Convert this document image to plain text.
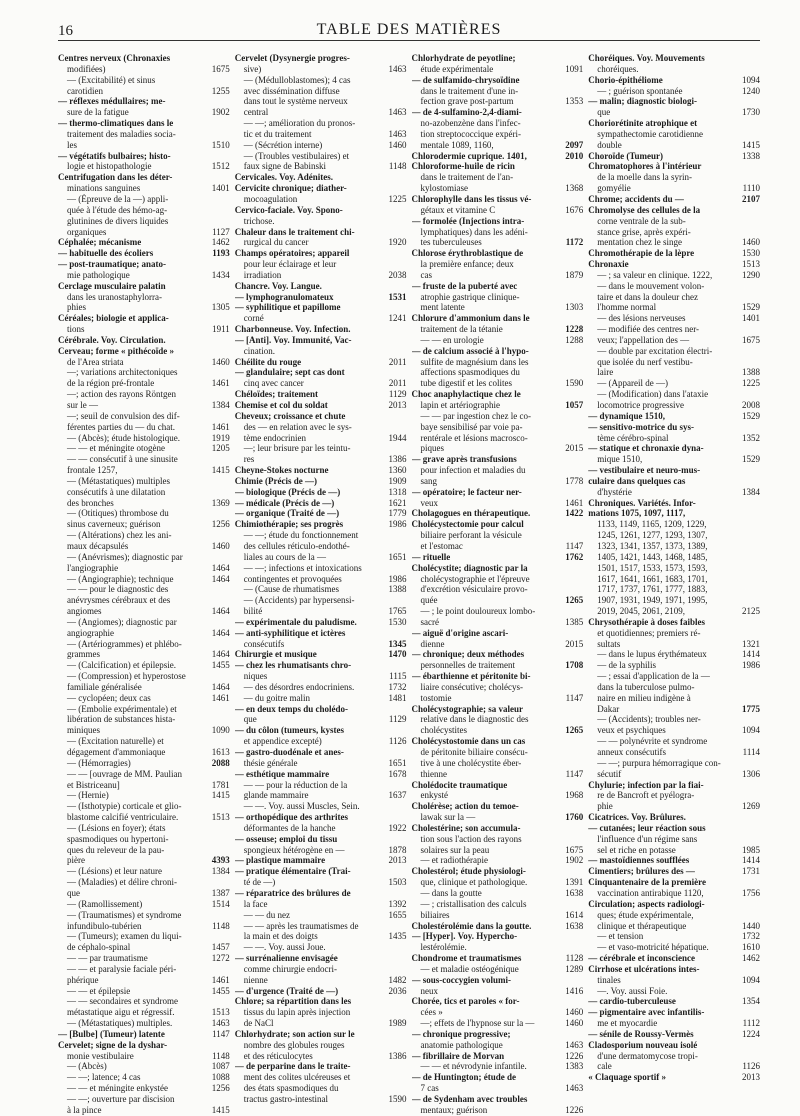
16	TABLE DES MATIÈRES
Centres nerveux (Chronaxies
modifiées)	1675
— (Excitabilité) et sinus
carotidien	1255
— réflexes médullaires; me-
sure de la fatigue	1902
— thermo-climatiques dans le
traitement des maladies socia-
les	1510
— végétatifs bulbaires; histo-
logie et histopathologie	1512
Centrifugation dans les déter-
minations sanguines	1401
— (Épreuve de la —) appli-
quée à l'étude des hémo-ag-
glutinines de divers liquides
organiques	1127
Céphalée; mécanisme	1462
— habituelle des écoliers	1193
— post-traumatique; anato-
mie pathologique	1434
Cerclage musculaire palatin
dans les uranostaphylorra-
phies	1305
Céréales; biologie et applica-
tions	1911
Cérébrale. Voy. Circulation.
Cerveau; forme « pithécoïde »
de l'Area striata	1460
—; variations architectoniques
de la région pré-frontale	1461
—; action des rayons Röntgen
sur le —	1384
—; seuil de convulsion des dif-
férentes parties du — du chat.	1461
— (Abcès); étude histologique.	1919
— — et méningite otogène	1205
— — consécutif à une sinusite
frontale 1257,	1415
— (Métastatiques) multiples
consécutifs à une dilatation
des bronches	1369
— (Otitiques) thrombose du
sinus caverneux; guérison	1256
— (Altérations) chez les ani-
maux décapsulés	1460
— (Anévrismes); diagnostic par
l'angiographie	1464
— (Angiographie); technique	1464
— — pour le diagnostic des
anévrysmes cérébraux et des
angiomes	1464
— (Angiomes); diagnostic par
angiographie	1464
— (Artériogrammes) et phlébo-
grammes	1464
— (Calcification) et épilepsie.	1455
— (Compression) et hyperostose
familiale généralisée	1464
— cyclopéen; deux cas	1461
— (Embolie expérimentale) et
libération de substances hista-
miniques	1090
— (Excitation naturelle) et
dégagement d'ammoniaque	1613
— (Hémorragies)	2088
— — [ouvrage de MM. Paulian
et Bistriceanu]	1781
— (Hernie)	1415
— (Isthotypie) corticale et glio-
blastome calcifié ventriculaire.	1513
— (Lésions en foyer); états
spasmodiques ou hypertoni-
ques du releveur de la pau-
pière	4393
— (Lésions) et leur nature	1384
— (Maladies) et délire chroni-
que	1387
— (Ramollissement)	1514
— (Traumatismes) et syndrome
infundibulo-tubérien	1148
— (Tumeurs); examen du liqui-
de céphalo-spinal	1457
— — par traumatisme	1272
— — et paralysie faciale péri-
phérique	1461
— — et épilepsie	1455
— — secondaires et syndrome
métastatique aigu et régressif.	1513
— (Métastatiques) multiples.	1463
— [Bulbe] (Tumeur) latente	1147
Cervelet; signe de la dyshar-
monie vestibulaire	1148
— (Abcès)	1087
— —; latence; 4 cas	1088
— — et méningite enkystée	1256
— —; ouverture par discision
à la pince	1415
Cervelet (Dysynergie progres-
sive)	1463
— (Médulloblastomes); 4 cas
avec dissémination diffuse
dans tout le système nerveux
central	1463
— —; amélioration du pronos-
tic et du traitement	1463
— (Sécrétion interne)	1460
— (Troubles vestibulaires) et
faux signe de Babinski	1148
Cervicales. Voy. Adénites.
Cervicite chronique; diather-
mocoagulation	1225
Cervico-faciale. Voy. Spono-
trichose.
Chaleur dans le traitement chi-
rurgical du cancer	1920
Champs opératoires; appareil
pour leur éclairage et leur
irradiation	2038
Chancre. Voy. Langue.
— lymphogranulomateux	1531
— syphilitique et papillome
corné	1241
Charbonneuse. Voy. Infection.
— [Anti]. Voy. Immunité, Vac-
cination.
Chéilite du rouge	2011
— glandulaire; sept cas dont
cinq avec cancer	2011
Chéloïdes; traitement	1129
Chemise et col du soldat	2013
Cheveux; croissance et chute
des — en relation avec le sys-
tème endocrinien	1944
—; leur brisure par les teintu-
res	1386
Cheyne-Stokes nocturne	1360
Chimie (Précis de —)	1909
— biologique (Précis de —)	1318
— médicale (Précis de —)	1621
— organique (Traité de —)	1779
Chimiothérapie; ses progrès	1986
— —; étude du fonctionnement
des cellules réticulo-endothé-
liales au cours de la —	1651
— —; infections et intoxications
contingentes et provoquées	1986
— (Cause de rhumatismes	1388
— (Accidents) par hypersensi-
bilité	1765
— expérimentale du paludisme.	1530
— anti-syphilitique et ictères
consécutifs	1345
Chirurgie et musique	1470
— chez les rhumatisants chro-
niques	1115
— des désordres endocriniens.	1732
— du goitre malin	1481
— en deux temps du cholédo-
que	1129
— du côlon (tumeurs, kystes
et appendice excepté)	1126
— gastro-duodénale et anes-
thésie générale	1651
— esthétique mammaire	1678
— — pour la réduction de la
glande mammaire	1637
— —. Voy. aussi Muscles, Sein.
— orthopédique des arthrites
déformantes de la hanche	1922
— osseuse; emploi du tissu
spongieux hétérogène en —	1878
— plastique mammaire	2013
— pratique élémentaire (Trai-
té de —)	1503
— réparatrice des brûlures de
la face	1392
— — du nez	1655
— — après les traumatismes de
la main et des doigts	1435
— —. Voy. aussi Joue.
— surrénalienne envisagée
comme chirurgie endocri-
nienne	1482
— d'urgence (Traité de —)	2036
Chlore; sa répartition dans les
tissus du lapin après injection
de NaCl	1989
Chlorhydrate; son action sur le
nombre des globules rouges
et des réticulocytes	1386
— de perparine dans le traite-
ment des colites ulcéreuses et
des états spasmodiques du
tractus gastro-intestinal	1590
Chlorhydrate de peyotline;
étude expérimentale	1091
— de sulfamido-chrysoïdine
dans le traitement d'une in-
fection grave post-partum	1353
— de 4-sulfamino-2,4-diami-
no-azobenzène dans l'infec-
tion streptococcique expéri-
mentale 1089, 1160,	2097
Chlorodermie cuprique. 1401,	2010
Chloroforme-huile de ricin
dans le traitement de l'an-
kylostomiase	1368
Chlorophylle dans les tissus vé-
gétaux et vitamine C	1676
— formolée (Injections intra-
lymphatiques) dans les adéni-
tes tuberculeuses	1172
Chlorose érythroblastique de
la première enfance; deux
cas	1879
— fruste de la puberté avec
atrophie gastrique clinique-
ment latente	1303
Chlorure d'ammonium dans le
traitement de la tétanie	1228
— — en urologie	1288
— de calcium associé à l'hypo-
sulfite de magnésium dans les
affections spasmodiques du
tube digestif et les colites	1590
Choc anaphylactique chez le
lapin et artériographie	1057
— — par ingestion chez le co-
baye sensibilisé par voie pa-
rentérale et lésions macrosco-
piques	2015
— grave après transfusions
pour infection et maladies du
sang	1778
— opératoire; le facteur ner-
veux	1461
Cholagogues en thérapeutique.	1422
Cholécystectomie pour calcul
biliaire perforant la vésicule
et l'estomac	1147
— rituelle	1762
Cholécystite; diagnostic par la
cholécystographie et l'épreuve
d'excrétion vésiculaire provo-
quée	1265
— ; le point douloureux lombo-
sacré	1385
— aiguë d'origine ascari-
dienne	2015
— chronique; deux méthodes
personnelles de traitement	1708
— ébarthienne et péritonite bi-
liaire consécutive; cholécys-
tostomie	1147
Cholécystographie; sa valeur
relative dans le diagnostic des
cholécystites	1265
Cholécystostomie dans un cas
de péritonite biliaire consécu-
tive à une cholécystite éber-
thienne	1147
Cholédocite traumatique
enkysté	1968
Cholérèse; action du temoe-
lawak sur la —	1760
Cholestérine; son accumula-
tion sous l'action des rayons
solaires sur la peau	1675
— et radiothérapie	1902
Cholestérol; étude physiologi-
que, clinique et pathologique.	1391
— dans la goutte	1638
— ; cristallisation des calculs
biliaires	1614
Cholestérolémie dans la goutte.	1638
— [Hyper]. Voy. Hypercho-
lestérolémie.
Chondrome et traumatismes	1128
— et maladie ostéogénique	1289
— sous-coccygien volumi-
neux	1416
Chorée, tics et paroles « for-
cées »	1460
—; effets de l'hypnose sur la —	1460
— chronique progressive;
anatomie pathologique	1463
— fibrillaire de Morvan	1226
— — et névrodynie infantile.	1383
— de Huntington; étude de
7 cas	1463
— de Sydenham avec troubles
mentaux; guérison	1226
Choréiques. Voy. Mouvements
choréiques.
Chorio-épithéliome	1094
— ; guérison spontanée	1240
— malin; diagnostic biologi-
que	1730
Choriorétinite atrophique et
sympathectomie carotidienne
double	1415
Choroïde (Tumeur)	1338
Chromatophores à l'intérieur
de la moelle dans la syrin-
gomyélie	1110
Chrome; accidents du —	2107
Chromolyse des cellules de la
corne ventrale de la sub-
stance grise, après expéri-
mentation chez le singe	1460
Chromothérapie de la lèpre	1530
Chronaxie	1513
— ; sa valeur en clinique. 1222,	1290
— dans le mouvement volon-
taire et dans la douleur chez
l'homme normal	1529
— des lésions nerveuses	1401
— modifiée des centres ner-
veux; l'appellation des —	1675
— double par excitation électri-
que isolée du nerf vestibu-
laire	1388
— (Appareil de —)	1225
— (Modification) dans l'ataxie
locomotrice progressive	2008
— dynamique 1510,	1529
— sensitivo-motrice du sys-
tème cérébro-spinal	1352
— statique et chronaxie dyna-
mique 1510,	1529
— vestibulaire et neuro-mus-
culaire dans quelques cas
d'hystérie	1384
Chroniques. Variétés. Infor-
mations 1075, 1097, 1117,
1133, 1149, 1165, 1209, 1229,
1245, 1261, 1277, 1293, 1307,
1323, 1341, 1357, 1373, 1389,
1405, 1421, 1443, 1468, 1485,
1501, 1517, 1533, 1573, 1593,
1617, 1641, 1661, 1683, 1701,
1717, 1737, 1761, 1777, 1883,
1907, 1931, 1949, 1971, 1995,
2019, 2045, 2061, 2109,	2125
Chrysothérapie à doses faibles
et quotidiennes; premiers ré-
sultats	1321
— dans le lupus érythémateux	1414
— de la syphilis	1986
— ; essai d'application de la —
dans la tuberculose pulmo-
naire en milieu indigène à
Dakar	1775
— (Accidents); troubles ner-
veux et psychiques	1094
— — polynévrite et syndrome
anneux consécutifs	1114
— —; purpura hémorragique con-
sécutif	1306
Chylurie; infection par la fiai-
re de Bancroft et pyélogra-
phie	1269
Cicatrices. Voy. Brûlures.
— cutanées; leur réaction sous
l'influence d'un régime sans
sel et riche en potasse	1985
— mastoïdiennes soufflées	1414
Cimentiers; brûlures des —	1731
Cinquantenaire de la première
vaccination antirabique 1120,	1756
Circulation; aspects radiologi-
ques; étude expérimentale,
clinique et thérapeutique	1440
— et tension	1732
— et vaso-motricité hépatique.	1610
— cérébrale et inconscience	1462
Cirrhose et ulcérations intes-
tinales	1094
—. Voy. aussi Foie.
— cardio-tuberculeuse	1354
— pigmentaire avec infantilis-
me et myocardie	1112
— sénile de Roussy-Vermès	1224
Cladosporium nouveau isolé
d'une dermatomycose tropi-
cale	1126
« Claquage sportif »	2013
